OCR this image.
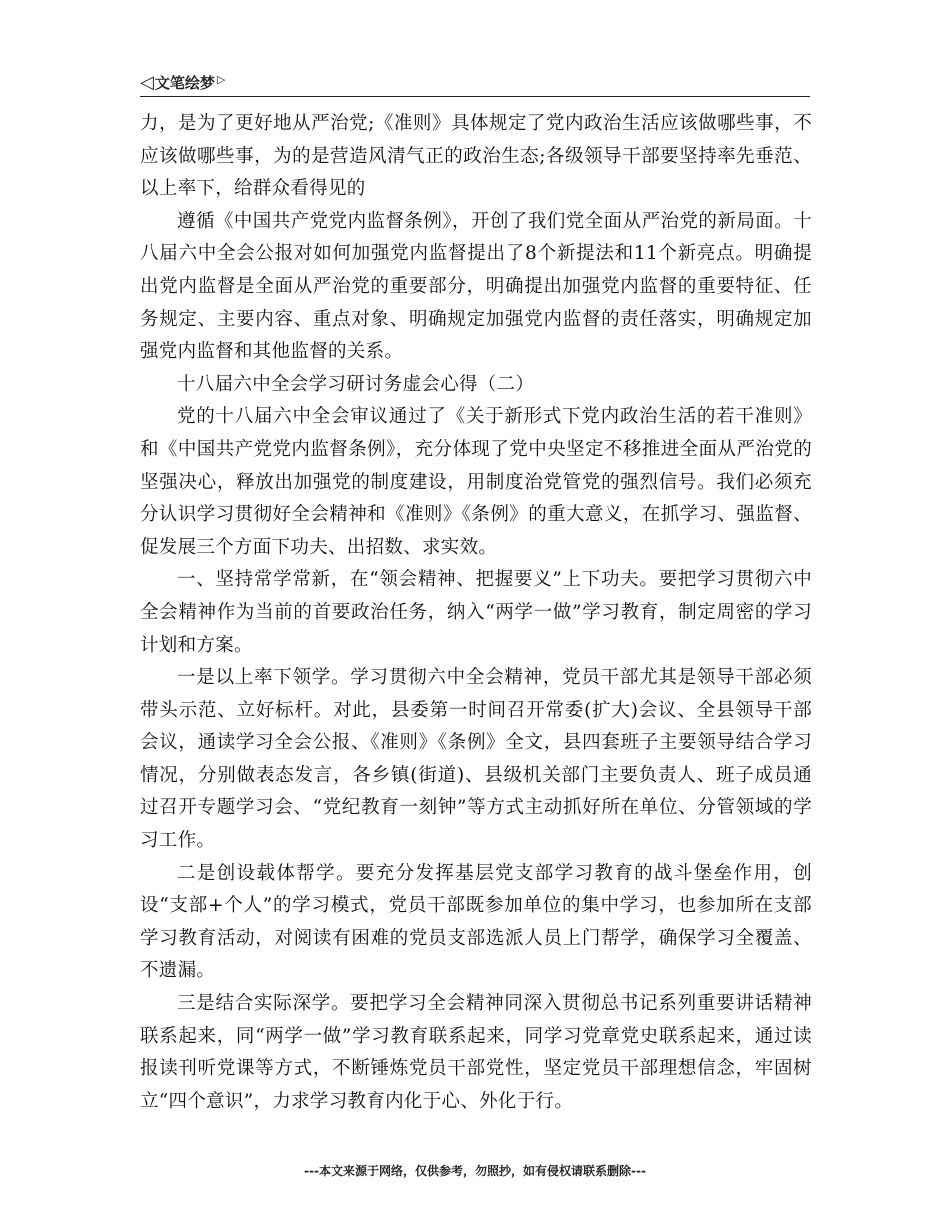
◁ 文笔绘梦 ▷

力，是为了更好地从严治党;《准则》具体规定了党内政治生活应该做哪些事，不应该做哪些事，为的是营造风清气正的政治生态;各级领导干部要坚持率先垂范、以上率下，给群众看得见的

遵循《中国共产党党内监督条例》，开创了我们党全面从严治党的新局面。十八届六中全会公报对如何加强党内监督提出了8个新提法和11个新亮点。明确提出党内监督是全面从严治党的重要部分，明确提出加强党内监督的重要特征、任务规定、主要内容、重点对象、明确规定加强党内监督的责任落实，明确规定加强党内监督和其他监督的关系。

十八届六中全会学习研讨务虚会心得（二）

党的十八届六中全会审议通过了《关于新形式下党内政治生活的若干准则》和《中国共产党党内监督条例》，充分体现了党中央坚定不移推进全面从严治党的坚强决心，释放出加强党的制度建设，用制度治党管党的强烈信号。我们必须充分认识学习贯彻好全会精神和《准则》《条例》的重大意义，在抓学习、强监督、促发展三个方面下功夫、出招数、求实效。

一、坚持常学常新，在“领会精神、把握要义”上下功夫。要把学习贯彻六中全会精神作为当前的首要政治任务，纳入“两学一做”学习教育，制定周密的学习计划和方案。

一是以上率下领学。学习贯彻六中全会精神，党员干部尤其是领导干部必须带头示范、立好标杆。对此，县委第一时间召开常委(扩大)会议、全县领导干部会议，通读学习全会公报、《准则》《条例》全文，县四套班子主要领导结合学习情况，分别做表态发言，各乡镇(街道)、县级机关部门主要负责人、班子成员通过召开专题学习会、“党纪教育一刻钟”等方式主动抓好所在单位、分管领域的学习工作。

二是创设载体帮学。要充分发挥基层党支部学习教育的战斗堡垒作用，创设“支部+个人”的学习模式，党员干部既参加单位的集中学习，也参加所在支部学习教育活动，对阅读有困难的党员支部选派人员上门帮学，确保学习全覆盖、不遗漏。

三是结合实际深学。要把学习全会精神同深入贯彻总书记系列重要讲话精神联系起来，同“两学一做”学习教育联系起来，同学习党章党史联系起来，通过读报读刊听党课等方式，不断锤炼党员干部党性，坚定党员干部理想信念，牢固树立“四个意识”，力求学习教育内化于心、外化于行。

---本文来源于网络，仅供参考，勿照抄，如有侵权请联系删除---
